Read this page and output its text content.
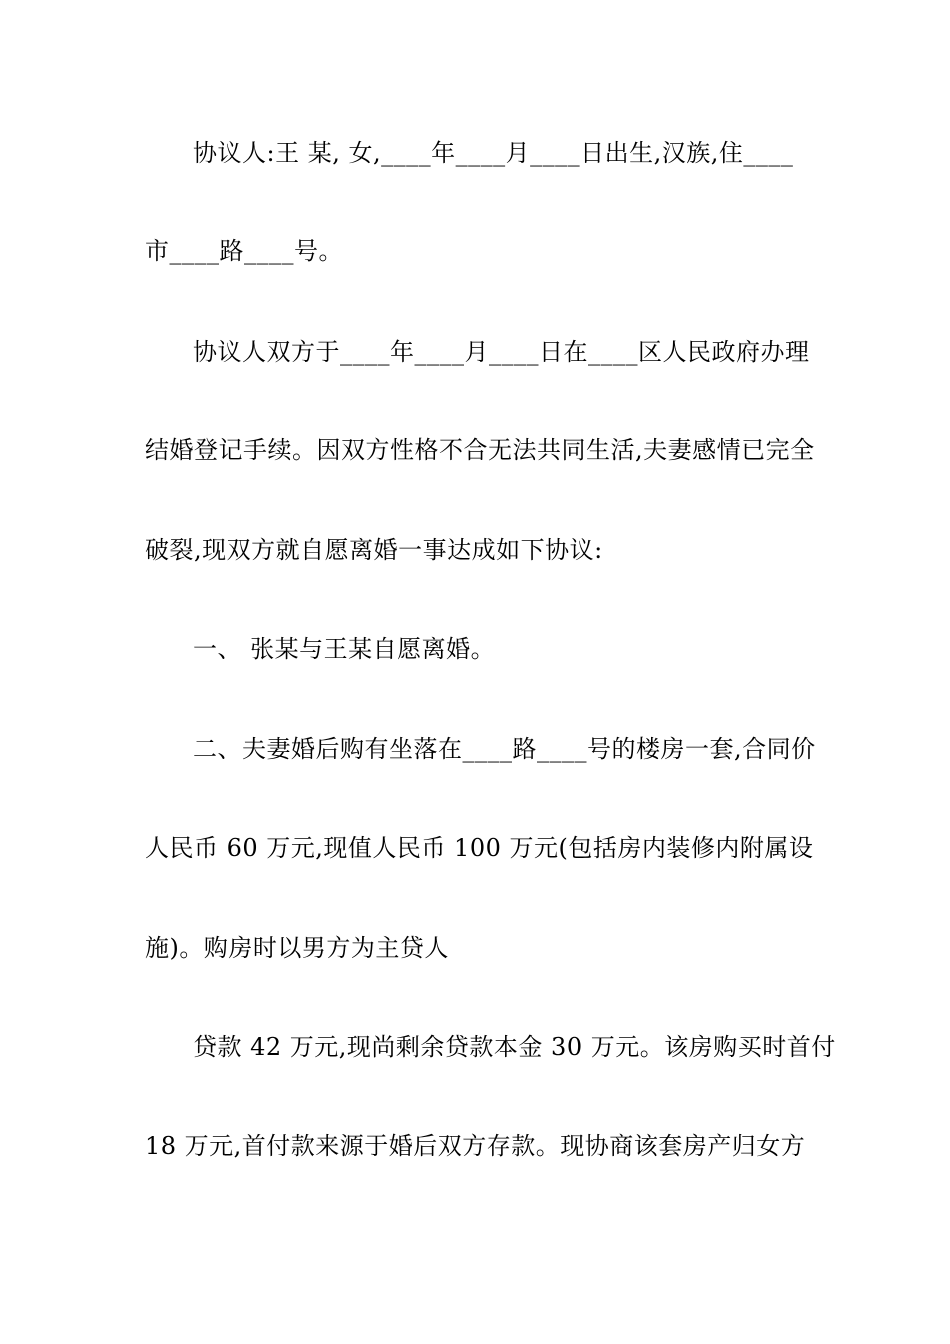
协议人:王 某, 女,____年____月____日出生,汉族,住____
市____路____号。
协议人双方于____年____月____日在____区人民政府办理
结婚登记手续。因双方性格不合无法共同生活,夫妻感情已完全
破裂,现双方就自愿离婚一事达成如下协议:
一、 张某与王某自愿离婚。
二、夫妻婚后购有坐落在____路____号的楼房一套,合同价
人民币 60 万元,现值人民币 100 万元(包括房内装修内附属设
施)。购房时以男方为主贷人
贷款 42 万元,现尚剩余贷款本金 30 万元。该房购买时首付
18 万元,首付款来源于婚后双方存款。现协商该套房产归女方
